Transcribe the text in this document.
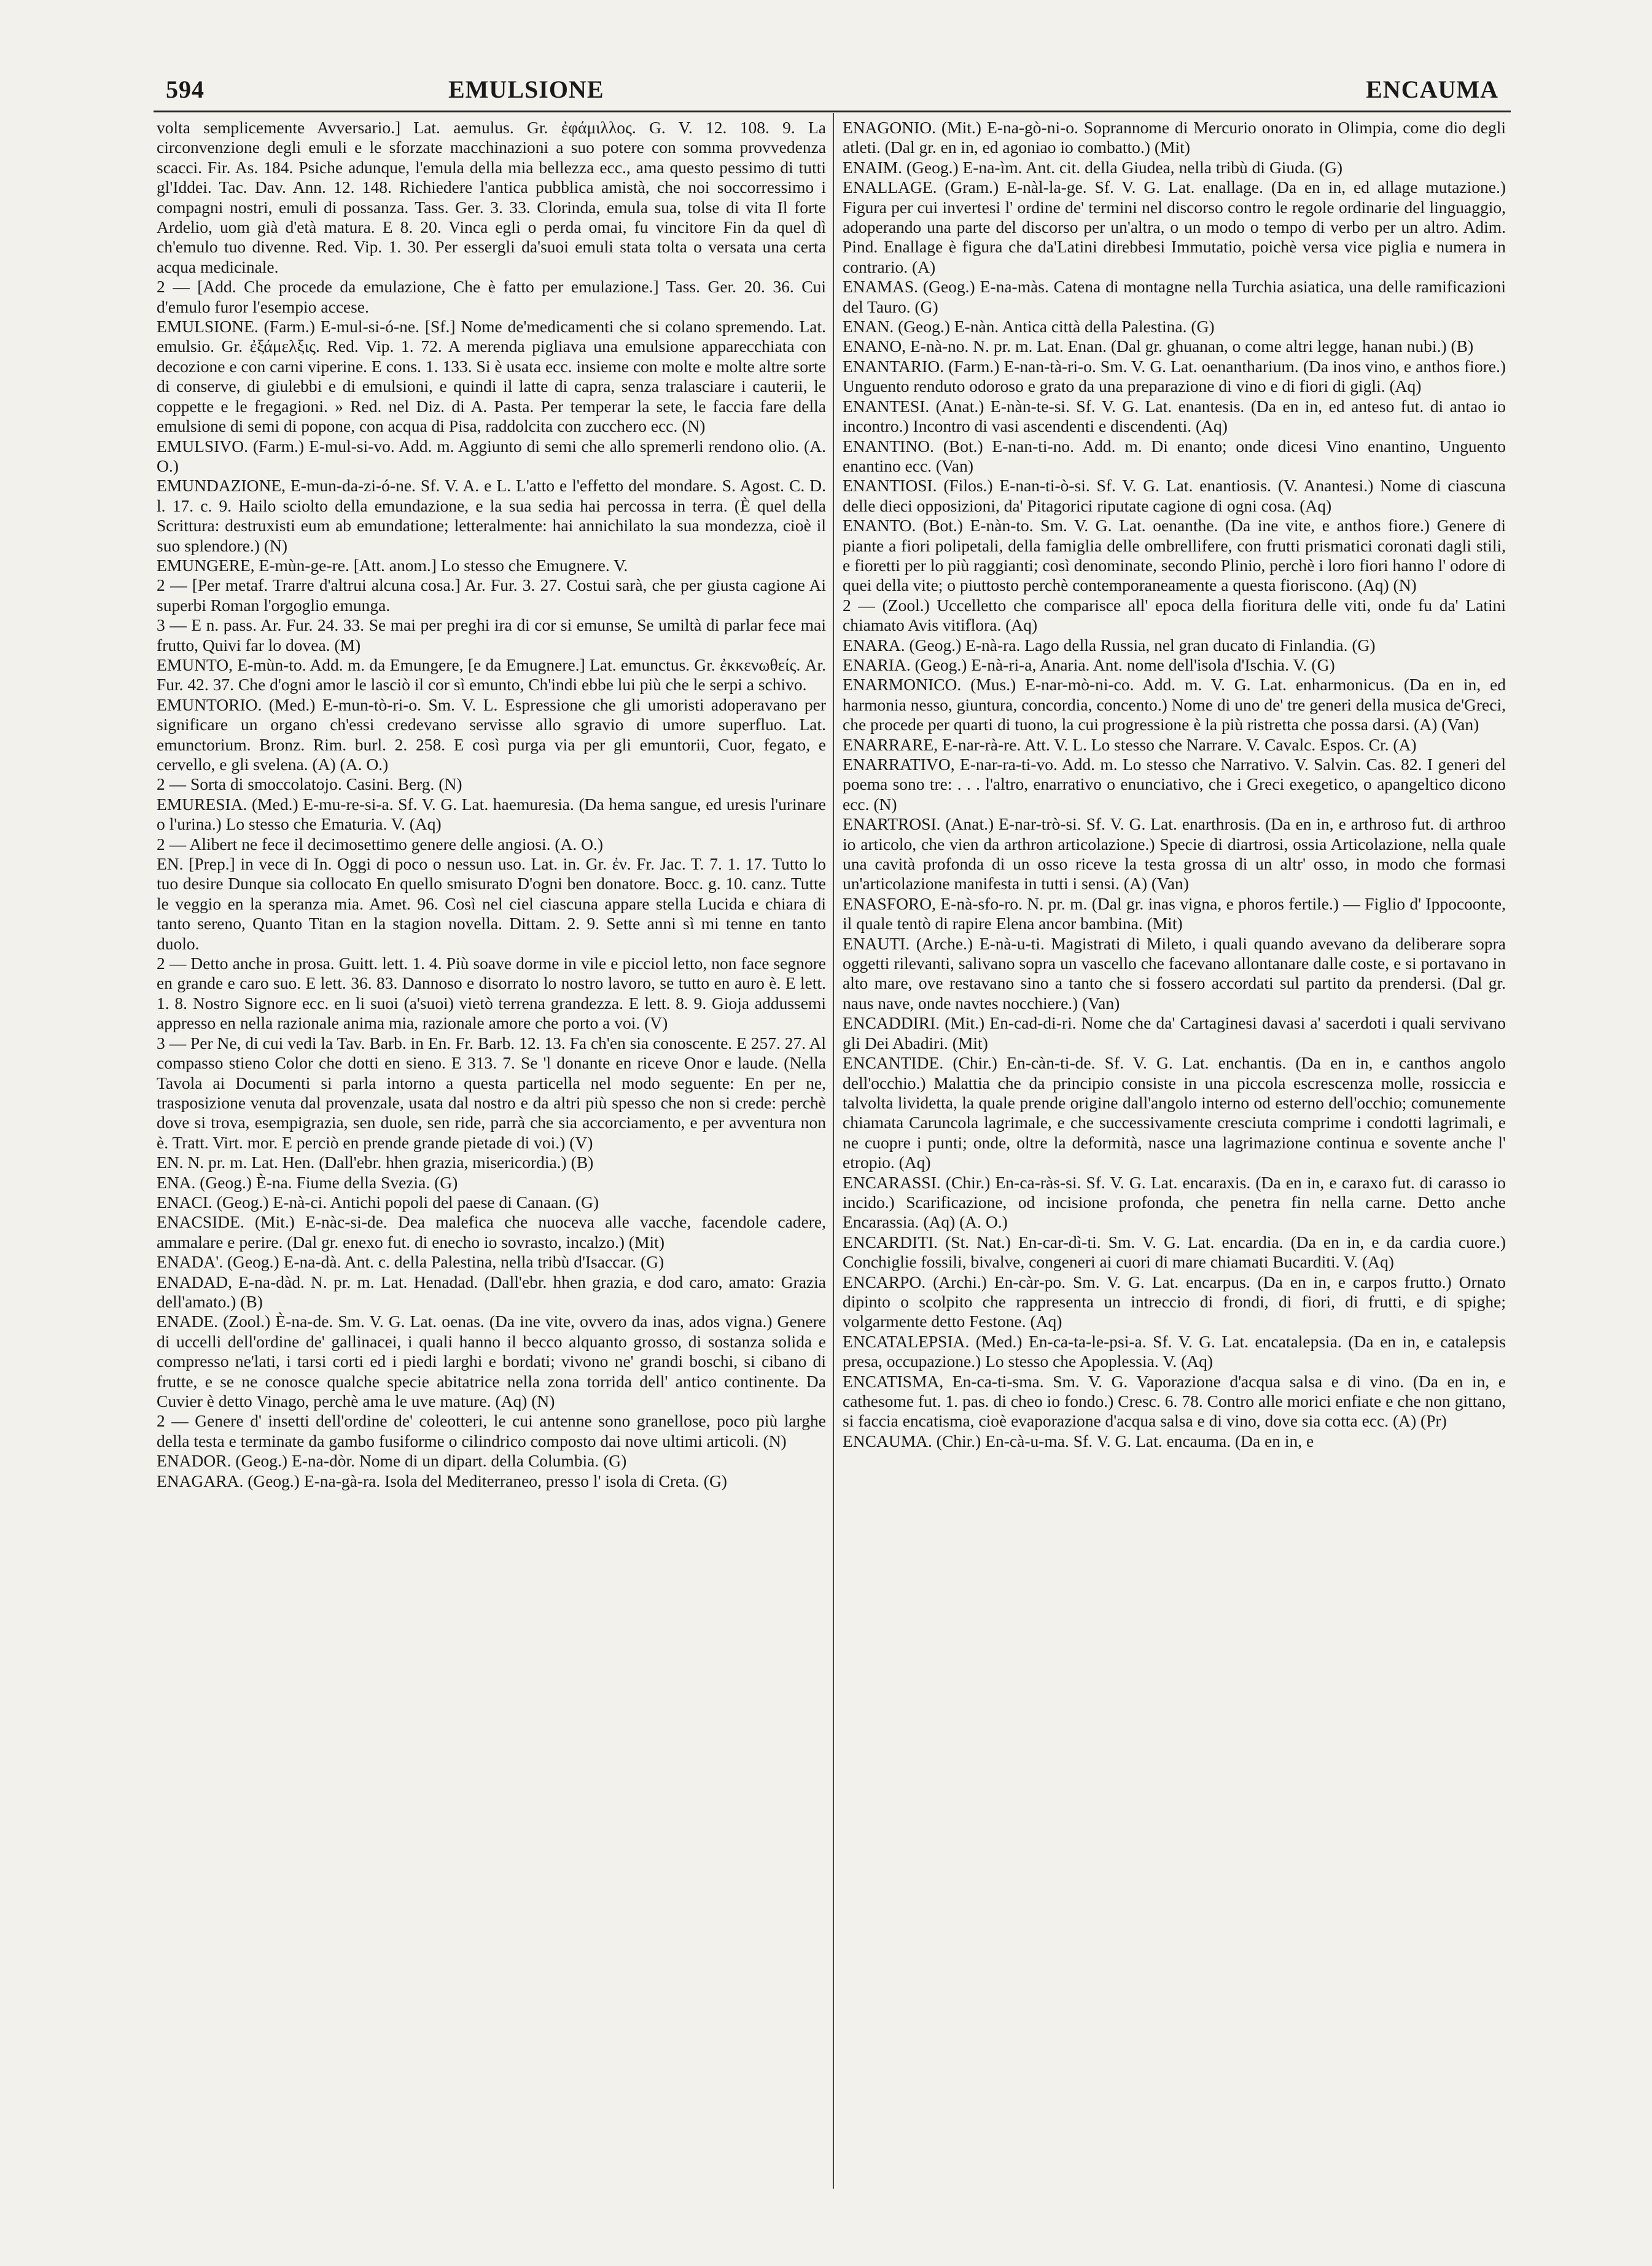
594	EMULSIONE	ENCAUMA

volta semplicemente Avversario.] Lat. aemulus. Gr. ἐφάμιλλος. G. V. 12. 108. 9. La circonvenzione degli emuli e le sforzate macchinazioni a suo potere con somma provvedenza scacci. Fir. As. 184. Psiche adunque, l'emula della mia bellezza ecc., ama questo pessimo di tutti gl'Iddei. Tac. Dav. Ann. 12. 148. Richiedere l'antica pubblica amistà, che noi soccorressimo i compagni nostri, emuli di possanza. Tass. Ger. 3. 33. Clorinda, emula sua, tolse di vita Il forte Ardelio, uom già d'età matura. E 8. 20. Vinca egli o perda omai, fu vincitore Fin da quel dì ch'emulo tuo divenne. Red. Vip. 1. 30. Per essergli da'suoi emuli stata tolta o versata una certa acqua medicinale.

2 — [Add. Che procede da emulazione, Che è fatto per emulazione.] Tass. Ger. 20. 36. Cui d'emulo furor l'esempio accese.

EMULSIONE. (Farm.) E-mul-si-ó-ne. [Sf.] Nome de'medicamenti che si colano spremendo. Lat. emulsio. Gr. ἐξάμελξις. Red. Vip. 1. 72. A merenda pigliava una emulsione apparecchiata con decozione e con carni viperine. E cons. 1. 133. Si è usata ecc. insieme con molte e molte altre sorte di conserve, di giulebbi e di emulsioni, e quindi il latte di capra, senza tralasciare i cauterii, le coppette e le fregagioni. » Red. nel Diz. di A. Pasta. Per temperar la sete, le faccia fare della emulsione di semi di popone, con acqua di Pisa, raddolcita con zucchero ecc. (N)

EMULSIVO. (Farm.) E-mul-si-vo. Add. m. Aggiunto di semi che allo spremerli rendono olio. (A. O.)

EMUNDAZIONE, E-mun-da-zi-ó-ne. Sf. V. A. e L. L'atto e l'effetto del mondare. S. Agost. C. D. l. 17. c. 9. Hailo sciolto della emundazione, e la sua sedia hai percossa in terra. (È quel della Scrittura: destruxisti eum ab emundatione; letteralmente: hai annichilato la sua mondezza, cioè il suo splendore.) (N)

EMUNGERE, E-mùn-ge-re. [Att. anom.] Lo stesso che Emugnere. V.

2 — [Per metaf. Trarre d'altrui alcuna cosa.] Ar. Fur. 3. 27. Costui sarà, che per giusta cagione Ai superbi Roman l'orgoglio emunga.

3 — E n. pass. Ar. Fur. 24. 33. Se mai per preghi ira di cor si emunse, Se umiltà di parlar fece mai frutto, Quivi far lo dovea. (M)

EMUNTO, E-mùn-to. Add. m. da Emungere, [e da Emugnere.] Lat. emunctus. Gr. ἐκκενωθείς. Ar. Fur. 42. 37. Che d'ogni amor le lasciò il cor sì emunto, Ch'indi ebbe lui più che le serpi a schivo.

EMUNTORIO. (Med.) E-mun-tò-ri-o. Sm. V. L. Espressione che gli umoristi adoperavano per significare un organo ch'essi credevano servisse allo sgravio di umore superfluo. Lat. emunctorium. Bronz. Rim. burl. 2. 258. E così purga via per gli emuntorii, Cuor, fegato, e cervello, e gli svelena. (A) (A. O.)

2 — Sorta di smoccolatojo. Casini. Berg. (N)

EMURESIA. (Med.) E-mu-re-si-a. Sf. V. G. Lat. haemuresia. (Da hema sangue, ed uresis l'urinare o l'urina.) Lo stesso che Ematuria. V. (Aq)

2 — Alibert ne fece il decimosettimo genere delle angiosi. (A. O.)

EN. [Prep.] in vece di In. Oggi di poco o nessun uso. Lat. in. Gr. ἐν. Fr. Jac. T. 7. 1. 17. Tutto lo tuo desire Dunque sia collocato En quello smisurato D'ogni ben donatore. Bocc. g. 10. canz. Tutte le veggio en la speranza mia. Amet. 96. Così nel ciel ciascuna appare stella Lucida e chiara di tanto sereno, Quanto Titan en la stagion novella. Dittam. 2. 9. Sette anni sì mi tenne en tanto duolo.

2 — Detto anche in prosa. Guitt. lett. 1. 4. Più soave dorme in vile e picciol letto, non face segnore en grande e caro suo. E lett. 36. 83. Dannoso e disorrato lo nostro lavoro, se tutto en auro è. E lett. 1. 8. Nostro Signore ecc. en li suoi (a'suoi) vietò terrena grandezza. E lett. 8. 9. Gioja addussemi appresso en nella razionale anima mia, razionale amore che porto a voi. (V)

3 — Per Ne, di cui vedi la Tav. Barb. in En. Fr. Barb. 12. 13. Fa ch'en sia conoscente. E 257. 27. Al compasso stieno Color che dotti en sieno. E 313. 7. Se 'l donante en riceve Onor e laude. (Nella Tavola ai Documenti si parla intorno a questa particella nel modo seguente: En per ne, trasposizione venuta dal provenzale, usata dal nostro e da altri più spesso che non si crede: perchè dove si trova, esempigrazia, sen duole, sen ride, parrà che sia accorciamento, e per avventura non è. Tratt. Virt. mor. E perciò en prende grande pietade di voi.) (V)

EN. N. pr. m. Lat. Hen. (Dall'ebr. hhen grazia, misericordia.) (B)

ENA. (Geog.) È-na. Fiume della Svezia. (G)

ENACI. (Geog.) E-nà-ci. Antichi popoli del paese di Canaan. (G)

ENACSIDE. (Mit.) E-nàc-si-de. Dea malefica che nuoceva alle vacche, facendole cadere, ammalare e perire. (Dal gr. enexo fut. di enecho io sovrasto, incalzo.) (Mit)

ENADA'. (Geog.) E-na-dà. Ant. c. della Palestina, nella tribù d'Isaccar. (G)

ENADAD, E-na-dàd. N. pr. m. Lat. Henadad. (Dall'ebr. hhen grazia, e dod caro, amato: Grazia dell'amato.) (B)

ENADE. (Zool.) È-na-de. Sm. V. G. Lat. oenas. (Da ine vite, ovvero da inas, ados vigna.) Genere di uccelli dell'ordine de' gallinacei, i quali hanno il becco alquanto grosso, di sostanza solida e compresso ne'lati, i tarsi corti ed i piedi larghi e bordati; vivono ne' grandi boschi, si cibano di frutte, e se ne conosce qualche specie abitatrice nella zona torrida dell' antico continente. Da Cuvier è detto Vinago, perchè ama le uve mature. (Aq) (N)

2 — Genere d' insetti dell'ordine de' coleotteri, le cui antenne sono granellose, poco più larghe della testa e terminate da gambo fusiforme o cilindrico composto dai nove ultimi articoli. (N)

ENADOR. (Geog.) E-na-dòr. Nome di un dipart. della Columbia. (G)

ENAGARA. (Geog.) E-na-gà-ra. Isola del Mediterraneo, presso l' isola di Creta. (G)

ENAGONIO. (Mit.) E-na-gò-ni-o. Soprannome di Mercurio onorato in Olimpia, come dio degli atleti. (Dal gr. en in, ed agoniao io combatto.) (Mit)

ENAIM. (Geog.) E-na-ìm. Ant. cit. della Giudea, nella tribù di Giuda. (G)

ENALLAGE. (Gram.) E-nàl-la-ge. Sf. V. G. Lat. enallage. (Da en in, ed allage mutazione.) Figura per cui invertesi l' ordine de' termini nel discorso contro le regole ordinarie del linguaggio, adoperando una parte del discorso per un'altra, o un modo o tempo di verbo per un altro. Adim. Pind. Enallage è figura che da'Latini direbbesi Immutatio, poichè versa vice piglia e numera in contrario. (A)

ENAMAS. (Geog.) E-na-màs. Catena di montagne nella Turchia asiatica, una delle ramificazioni del Tauro. (G)

ENAN. (Geog.) E-nàn. Antica città della Palestina. (G)

ENANO, E-nà-no. N. pr. m. Lat. Enan. (Dal gr. ghuanan, o come altri legge, hanan nubi.) (B)

ENANTARIO. (Farm.) E-nan-tà-ri-o. Sm. V. G. Lat. oenantharium. (Da inos vino, e anthos fiore.) Unguento renduto odoroso e grato da una preparazione di vino e di fiori di gigli. (Aq)

ENANTESI. (Anat.) E-nàn-te-si. Sf. V. G. Lat. enantesis. (Da en in, ed anteso fut. di antao io incontro.) Incontro di vasi ascendenti e discendenti. (Aq)

ENANTINO. (Bot.) E-nan-ti-no. Add. m. Di enanto; onde dicesi Vino enantino, Unguento enantino ecc. (Van)

ENANTIOSI. (Filos.) E-nan-ti-ò-si. Sf. V. G. Lat. enantiosis. (V. Anantesi.) Nome di ciascuna delle dieci opposizioni, da' Pitagorici riputate cagione di ogni cosa. (Aq)

ENANTO. (Bot.) E-nàn-to. Sm. V. G. Lat. oenanthe. (Da ine vite, e anthos fiore.) Genere di piante a fiori polipetali, della famiglia delle ombrellifere, con frutti prismatici coronati dagli stili, e fioretti per lo più raggianti; così denominate, secondo Plinio, perchè i loro fiori hanno l' odore di quei della vite; o piuttosto perchè contemporaneamente a questa fioriscono. (Aq) (N)

2 — (Zool.) Uccelletto che comparisce all' epoca della fioritura delle viti, onde fu da' Latini chiamato Avis vitiflora. (Aq)

ENARA. (Geog.) E-nà-ra. Lago della Russia, nel gran ducato di Finlandia. (G)

ENARIA. (Geog.) E-nà-ri-a, Anaria. Ant. nome dell'isola d'Ischia. V. (G)

ENARMONICO. (Mus.) E-nar-mò-ni-co. Add. m. V. G. Lat. enharmonicus. (Da en in, ed harmonia nesso, giuntura, concordia, concento.) Nome di uno de' tre generi della musica de'Greci, che procede per quarti di tuono, la cui progressione è la più ristretta che possa darsi. (A) (Van)

ENARRARE, E-nar-rà-re. Att. V. L. Lo stesso che Narrare. V. Cavalc. Espos. Cr. (A)

ENARRATIVO, E-nar-ra-ti-vo. Add. m. Lo stesso che Narrativo. V. Salvin. Cas. 82. I generi del poema sono tre: . . . l'altro, enarrativo o enunciativo, che i Greci exegetico, o apangeltico dicono ecc. (N)

ENARTROSI. (Anat.) E-nar-trò-si. Sf. V. G. Lat. enarthrosis. (Da en in, e arthroso fut. di arthroo io articolo, che vien da arthron articolazione.) Specie di diartrosi, ossia Articolazione, nella quale una cavità profonda di un osso riceve la testa grossa di un altr' osso, in modo che formasi un'articolazione manifesta in tutti i sensi. (A) (Van)

ENASFORO, E-nà-sfo-ro. N. pr. m. (Dal gr. inas vigna, e phoros fertile.) — Figlio d' Ippocoonte, il quale tentò di rapire Elena ancor bambina. (Mit)

ENAUTI. (Arche.) E-nà-u-ti. Magistrati di Mileto, i quali quando avevano da deliberare sopra oggetti rilevanti, salivano sopra un vascello che facevano allontanare dalle coste, e si portavano in alto mare, ove restavano sino a tanto che si fossero accordati sul partito da prendersi. (Dal gr. naus nave, onde navtes nocchiere.) (Van)

ENCADDIRI. (Mit.) En-cad-di-ri. Nome che da' Cartaginesi davasi a' sacerdoti i quali servivano gli Dei Abadiri. (Mit)

ENCANTIDE. (Chir.) En-càn-ti-de. Sf. V. G. Lat. enchantis. (Da en in, e canthos angolo dell'occhio.) Malattia che da principio consiste in una piccola escrescenza molle, rossiccia e talvolta lividetta, la quale prende origine dall'angolo interno od esterno dell'occhio; comunemente chiamata Caruncola lagrimale, e che successivamente cresciuta comprime i condotti lagrimali, e ne cuopre i punti; onde, oltre la deformità, nasce una lagrimazione continua e sovente anche l' etropio. (Aq)

ENCARASSI. (Chir.) En-ca-ràs-si. Sf. V. G. Lat. encaraxis. (Da en in, e caraxo fut. di carasso io incido.) Scarificazione, od incisione profonda, che penetra fin nella carne. Detto anche Encarassia. (Aq) (A. O.)

ENCARDITI. (St. Nat.) En-car-dì-ti. Sm. V. G. Lat. encardia. (Da en in, e da cardia cuore.) Conchiglie fossili, bivalve, congeneri ai cuori di mare chiamati Bucarditi. V. (Aq)

ENCARPO. (Archi.) En-càr-po. Sm. V. G. Lat. encarpus. (Da en in, e carpos frutto.) Ornato dipinto o scolpito che rappresenta un intreccio di frondi, di fiori, di frutti, e di spighe; volgarmente detto Festone. (Aq)

ENCATALEPSIA. (Med.) En-ca-ta-le-psi-a. Sf. V. G. Lat. encatalepsia. (Da en in, e catalepsis presa, occupazione.) Lo stesso che Apoplessia. V. (Aq)

ENCATISMA, En-ca-ti-sma. Sm. V. G. Vaporazione d'acqua salsa e di vino. (Da en in, e cathesome fut. 1. pas. di cheo io fondo.) Cresc. 6. 78. Contro alle morici enfiate e che non gittano, si faccia encatisma, cioè evaporazione d'acqua salsa e di vino, dove sia cotta ecc. (A) (Pr)

ENCAUMA. (Chir.) En-cà-u-ma. Sf. V. G. Lat. encauma. (Da en in, e
